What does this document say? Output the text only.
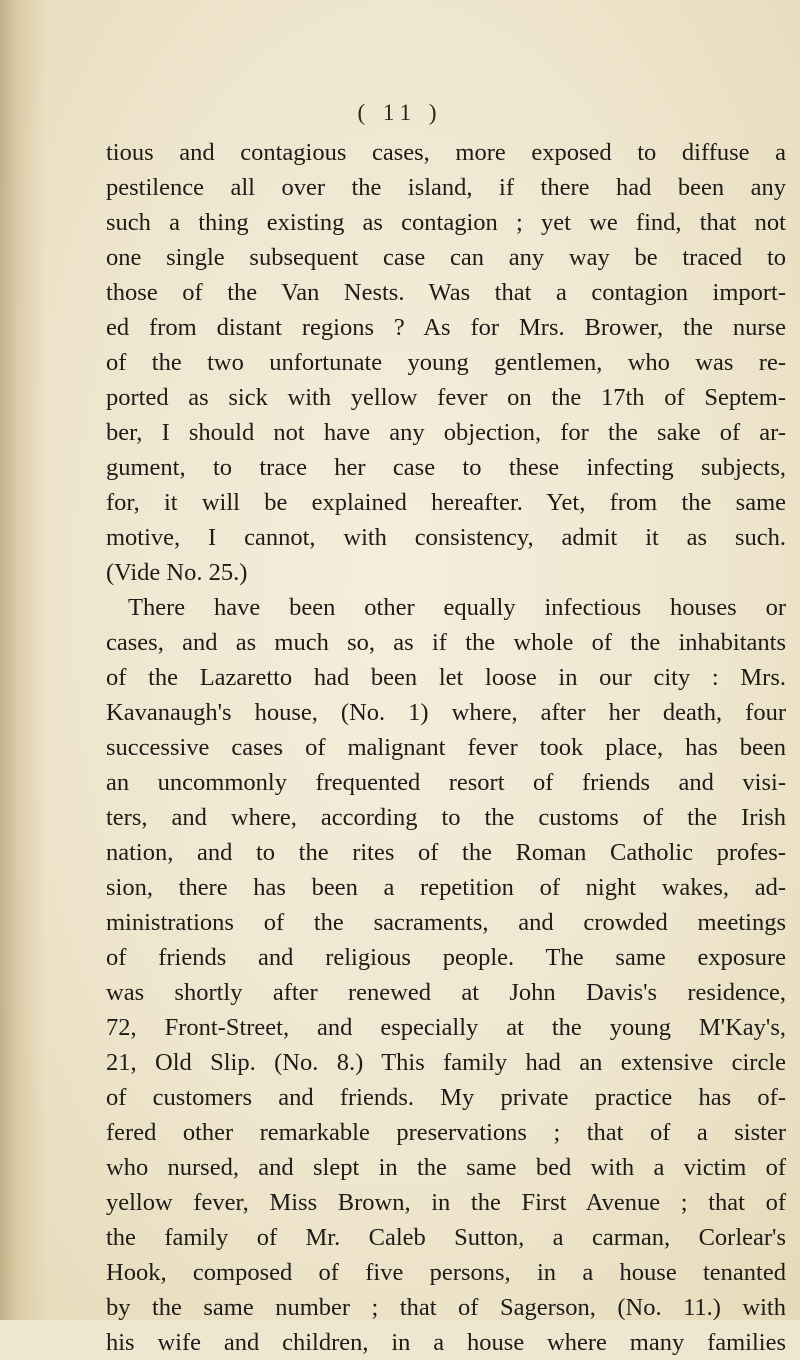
( 11 )
tious and contagious cases, more exposed to diffuse a
pestilence all over the island, if there had been any
such a thing existing as contagion ; yet we find, that not
one single subsequent case can any way be traced to
those of the Van Nests. Was that a contagion import-
ed from distant regions ? As for Mrs. Brower, the nurse
of the two unfortunate young gentlemen, who was re-
ported as sick with yellow fever on the 17th of Septem-
ber, I should not have any objection, for the sake of ar-
gument, to trace her case to these infecting subjects,
for, it will be explained hereafter. Yet, from the same
motive, I cannot, with consistency, admit it as such.
(Vide No. 25.)
There have been other equally infectious houses or
cases, and as much so, as if the whole of the inhabitants
of the Lazaretto had been let loose in our city : Mrs.
Kavanaugh's house, (No. 1) where, after her death, four
successive cases of malignant fever took place, has been
an uncommonly frequented resort of friends and visi-
ters, and where, according to the customs of the Irish
nation, and to the rites of the Roman Catholic profes-
sion, there has been a repetition of night wakes, ad-
ministrations of the sacraments, and crowded meetings
of friends and religious people. The same exposure
was shortly after renewed at John Davis's residence,
72, Front-Street, and especially at the young M'Kay's,
21, Old Slip. (No. 8.) This family had an extensive circle
of customers and friends. My private practice has of-
fered other remarkable preservations ; that of a sister
who nursed, and slept in the same bed with a victim of
yellow fever, Miss Brown, in the First Avenue ; that of
the family of Mr. Caleb Sutton, a carman, Corlear's
Hook, composed of five persons, in a house tenanted
by the same number ; that of Sagerson, (No. 11.) with
his wife and children, in a house where many families
